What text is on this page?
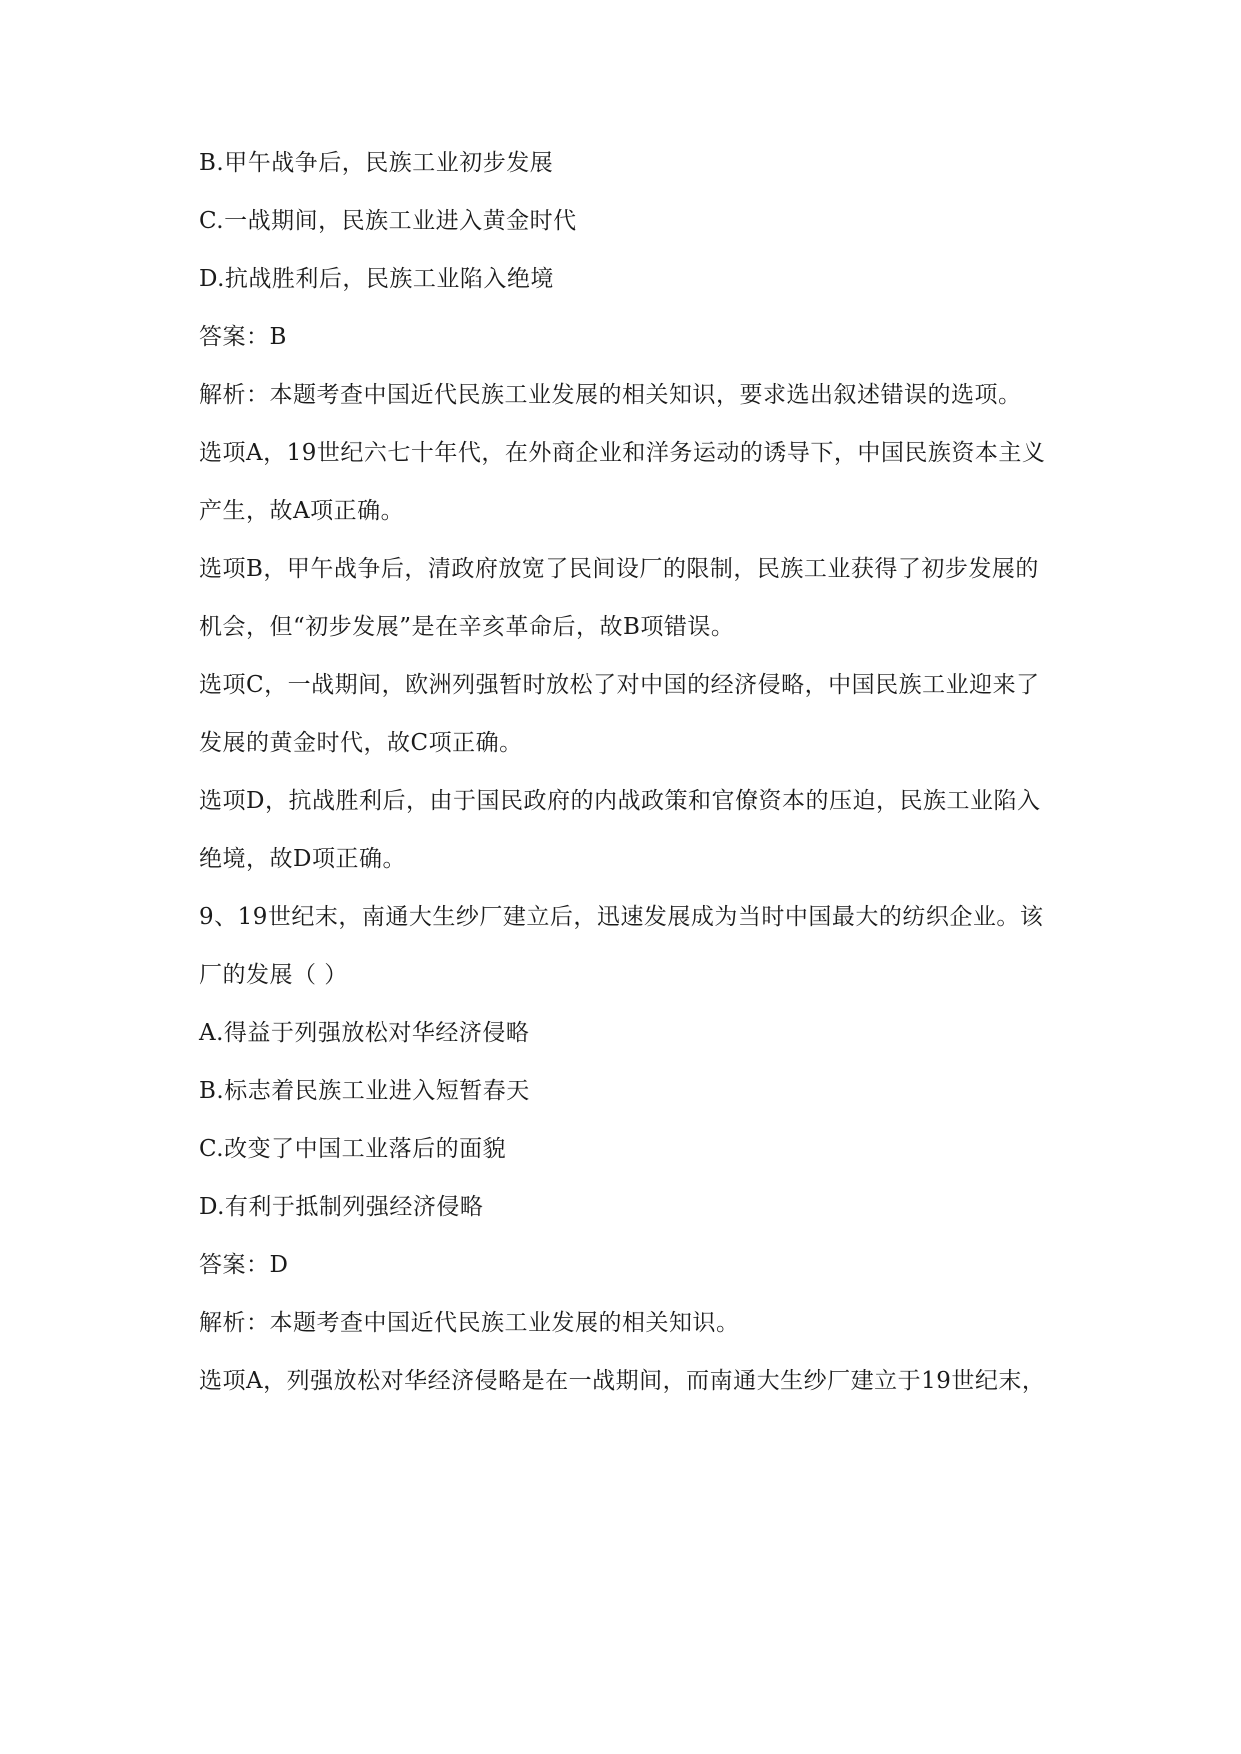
B.甲午战争后，民族工业初步发展
C.一战期间，民族工业进入黄金时代
D.抗战胜利后，民族工业陷入绝境
答案：B
解析：本题考查中国近代民族工业发展的相关知识，要求选出叙述错误的选项。
选项A，19世纪六七十年代，在外商企业和洋务运动的诱导下，中国民族资本主义
产生，故A项正确。
选项B，甲午战争后，清政府放宽了民间设厂的限制，民族工业获得了初步发展的
机会，但“初步发展”是在辛亥革命后，故B项错误。
选项C，一战期间，欧洲列强暂时放松了对中国的经济侵略，中国民族工业迎来了
发展的黄金时代，故C项正确。
选项D，抗战胜利后，由于国民政府的内战政策和官僚资本的压迫，民族工业陷入
绝境，故D项正确。
9、19世纪末，南通大生纱厂建立后，迅速发展成为当时中国最大的纺织企业。该
厂的发展（ ）
A.得益于列强放松对华经济侵略
B.标志着民族工业进入短暂春天
C.改变了中国工业落后的面貌
D.有利于抵制列强经济侵略
答案：D
解析：本题考查中国近代民族工业发展的相关知识。
选项A，列强放松对华经济侵略是在一战期间，而南通大生纱厂建立于19世纪末，
